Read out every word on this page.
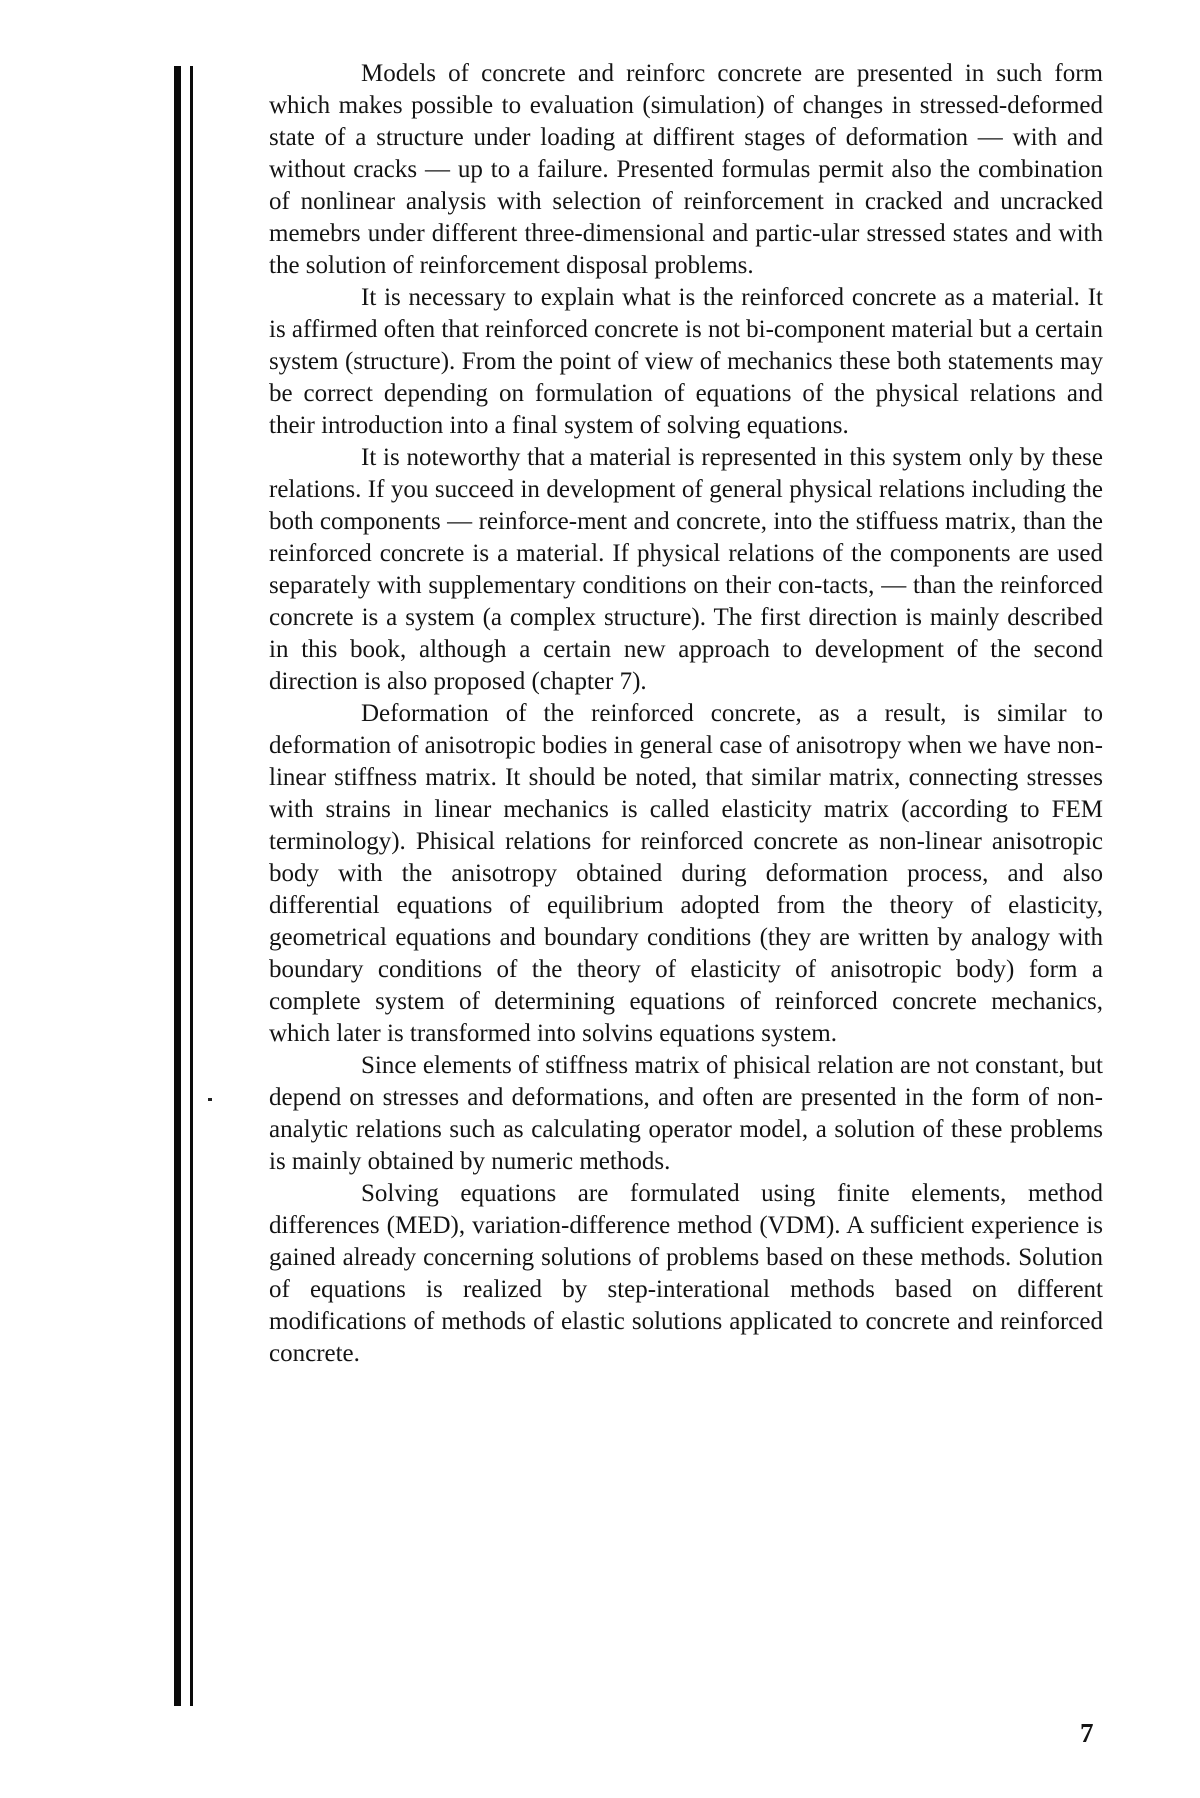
Models of concrete and reinforc concrete are presented in such form which makes possible to evaluation (simulation) of changes in stressed-deformed state of a structure under loading at diffirent stages of deformation — with and without cracks — up to a failure. Presented formulas permit also the combination of nonlinear analysis with selection of reinforcement in cracked and uncracked memebrs under different three-dimensional and partic-ular stressed states and with the solution of reinforcement disposal problems.

It is necessary to explain what is the reinforced concrete as a material. It is affirmed often that reinforced concrete is not bi-component material but a certain system (structure). From the point of view of mechanics these both statements may be correct depending on formulation of equations of the physical relations and their introduction into a final system of solving equations.

It is noteworthy that a material is represented in this system only by these relations. If you succeed in development of general physical relations including the both components — reinforce-ment and concrete, into the stiffuess matrix, than the reinforced concrete is a material. If physical relations of the components are used separately with supplementary conditions on their con-tacts, — than the reinforced concrete is a system (a complex structure). The first direction is mainly described in this book, although a certain new approach to development of the second direction is also proposed (chapter 7).

Deformation of the reinforced concrete, as a result, is similar to deformation of anisotropic bodies in general case of anisotropy when we have non-linear stiffness matrix. It should be noted, that similar matrix, connecting stresses with strains in linear mechanics is called elasticity matrix (according to FEM terminology). Phisical relations for reinforced concrete as non-linear anisotropic body with the anisotropy obtained during deformation process, and also differential equations of equilibrium adopted from the theory of elasticity, geometrical equations and boundary conditions (they are written by analogy with boundary conditions of the theory of elasticity of anisotropic body) form a complete system of determining equations of reinforced concrete mechanics, which later is transformed into solvins equations system.

Since elements of stiffness matrix of phisical relation are not constant, but depend on stresses and deformations, and often are presented in the form of non-analytic relations such as calculating operator model, a solution of these problems is mainly obtained by numeric methods.

Solving equations are formulated using finite elements, method differences (MED), variation-difference method (VDM). A sufficient experience is gained already concerning solutions of problems based on these methods. Solution of equations is realized by step-interational methods based on different modifications of methods of elastic solutions applicated to concrete and reinforced concrete.

7
